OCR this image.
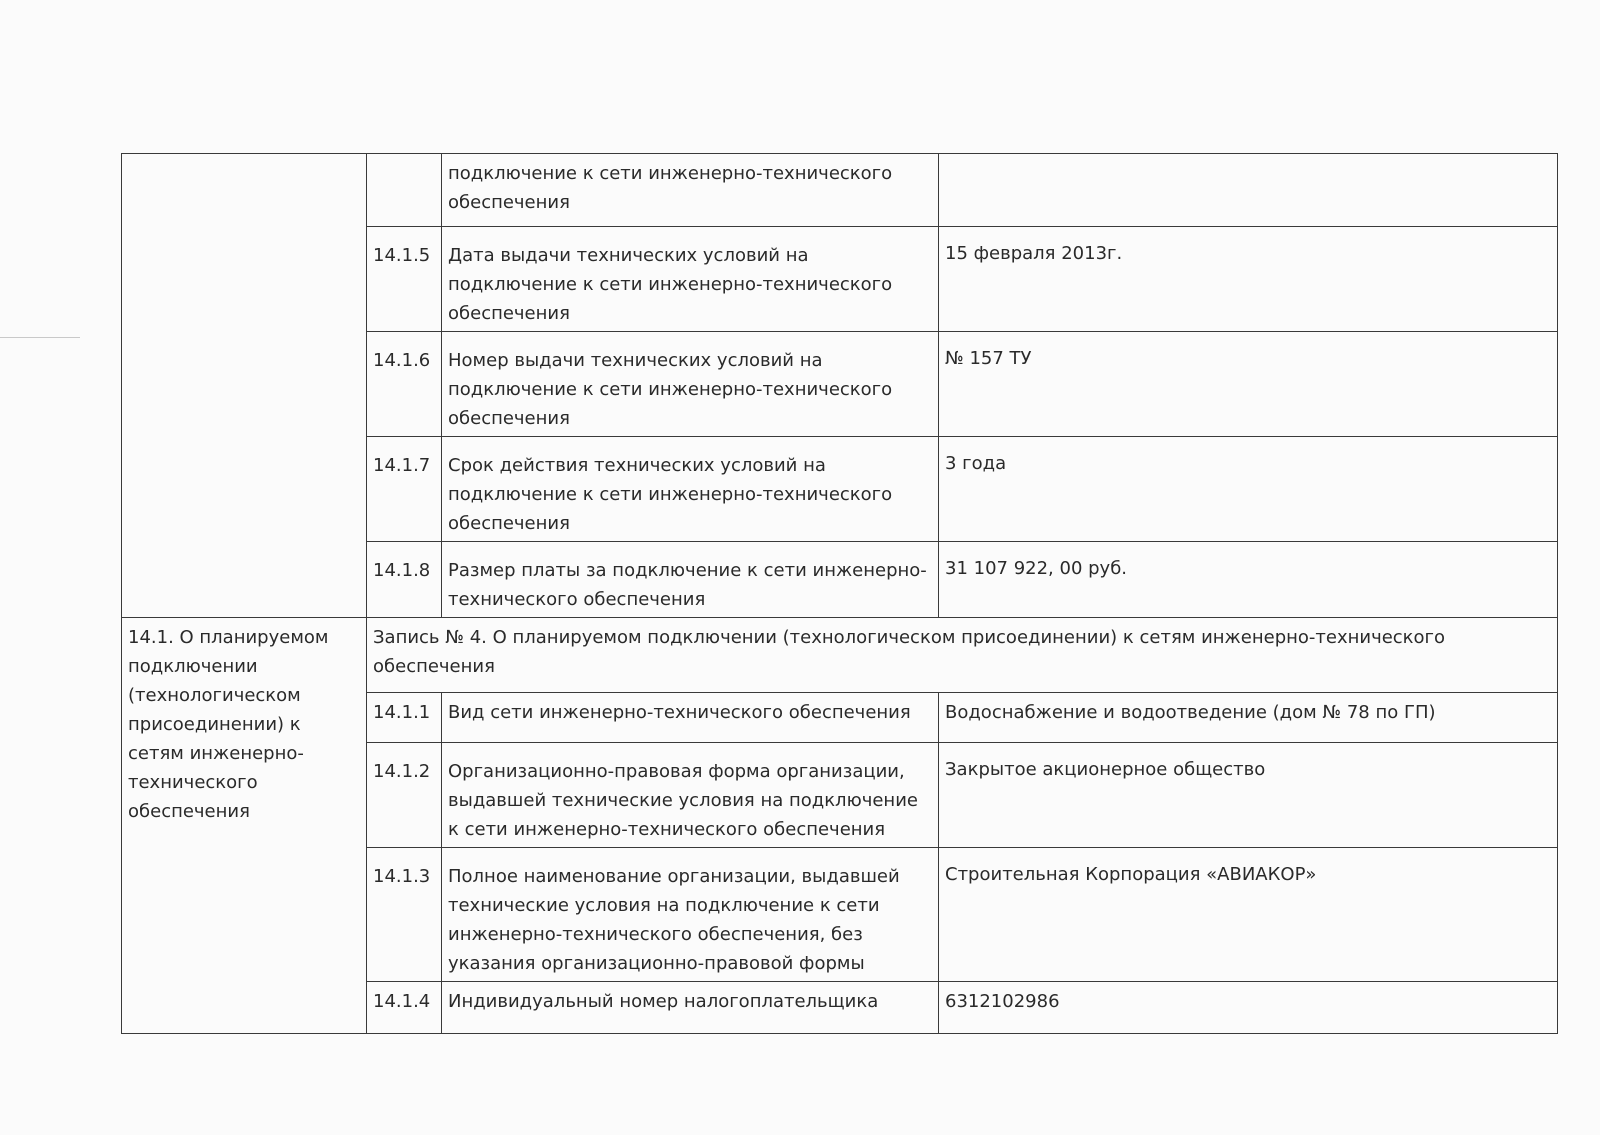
		подключение к сети инженерно-технического обеспечения	
	14.1.5	Дата выдачи технических условий на подключение к сети инженерно-технического обеспечения	15 февраля 2013г.
	14.1.6	Номер выдачи технических условий на подключение к сети инженерно-технического обеспечения	№ 157 ТУ
	14.1.7	Срок действия технических условий на подключение к сети инженерно-технического обеспечения	3 года
	14.1.8	Размер платы за подключение к сети инженерно-технического обеспечения	31 107 922, 00 руб.
14.1. О планируемом подключении (технологическом присоединении) к сетям инженерно-технического обеспечения	Запись № 4. О планируемом подключении (технологическом присоединении) к сетям инженерно-технического обеспечения		
	14.1.1	Вид сети инженерно-технического обеспечения	Водоснабжение и водоотведение (дом № 78 по ГП)
	14.1.2	Организационно-правовая форма организации, выдавшей технические условия на подключение к сети инженерно-технического обеспечения	Закрытое акционерное общество
	14.1.3	Полное наименование организации, выдавшей технические условия на подключение к сети инженерно-технического обеспечения, без указания организационно-правовой формы	Строительная Корпорация «АВИАКОР»
	14.1.4	Индивидуальный номер налогоплательщика	6312102986
